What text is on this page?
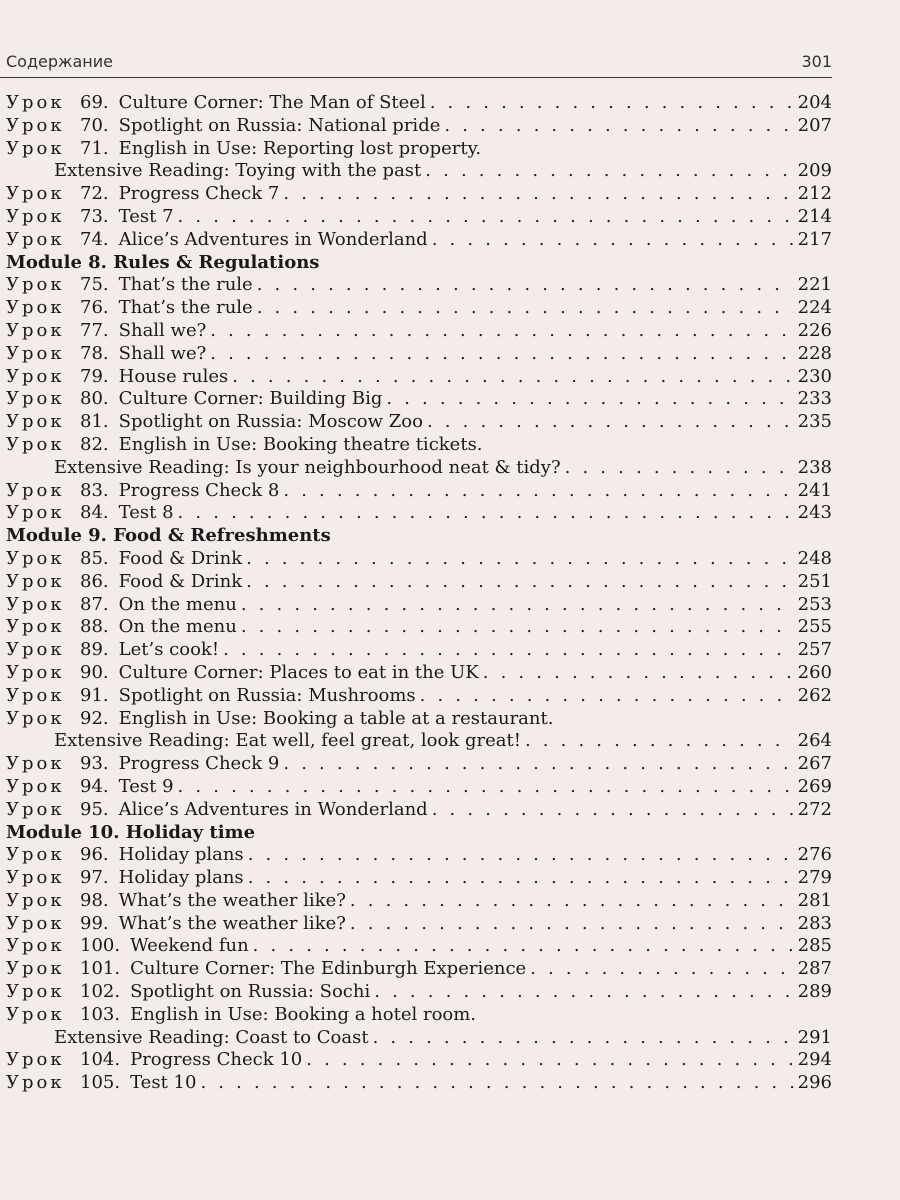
Содержание	301
Урок 69. Culture Corner: The Man of Steel . . .	204
Урок 70. Spotlight on Russia: National pride . . .	207
Урок 71. English in Use: Reporting lost property.
Extensive Reading: Toying with the past . . .	209
Урок 72. Progress Check 7 . . .	212
Урок 73. Test 7 . . .	214
Урок 74. Alice’s Adventures in Wonderland . . .	217
Module 8. Rules & Regulations
Урок 75. That’s the rule . . .	221
Урок 76. That’s the rule . . .	224
Урок 77. Shall we? . . .	226
Урок 78. Shall we? . . .	228
Урок 79. House rules . . .	230
Урок 80. Culture Corner: Building Big . . .	233
Урок 81. Spotlight on Russia: Moscow Zoo . . .	235
Урок 82. English in Use: Booking theatre tickets.
Extensive Reading: Is your neighbourhood neat & tidy? . . .	238
Урок 83. Progress Check 8 . . .	241
Урок 84. Test 8 . . .	243
Module 9. Food & Refreshments
Урок 85. Food & Drink . . .	248
Урок 86. Food & Drink . . .	251
Урок 87. On the menu . . .	253
Урок 88. On the menu . . .	255
Урок 89. Let’s cook! . . .	257
Урок 90. Culture Corner: Places to eat in the UK . . .	260
Урок 91. Spotlight on Russia: Mushrooms . . .	262
Урок 92. English in Use: Booking a table at a restaurant.
Extensive Reading: Eat well, feel great, look great! . . .	264
Урок 93. Progress Check 9 . . .	267
Урок 94. Test 9 . . .	269
Урок 95. Alice’s Adventures in Wonderland . . .	272
Module 10. Holiday time
Урок 96. Holiday plans . . .	276
Урок 97. Holiday plans . . .	279
Урок 98. What’s the weather like? . . .	281
Урок 99. What’s the weather like? . . .	283
Урок 100. Weekend fun . . .	285
Урок 101. Culture Corner: The Edinburgh Experience . . .	287
Урок 102. Spotlight on Russia: Sochi . . .	289
Урок 103. English in Use: Booking a hotel room.
Extensive Reading: Coast to Coast . . .	291
Урок 104. Progress Check 10 . . .	294
Урок 105. Test 10 . . .	296
